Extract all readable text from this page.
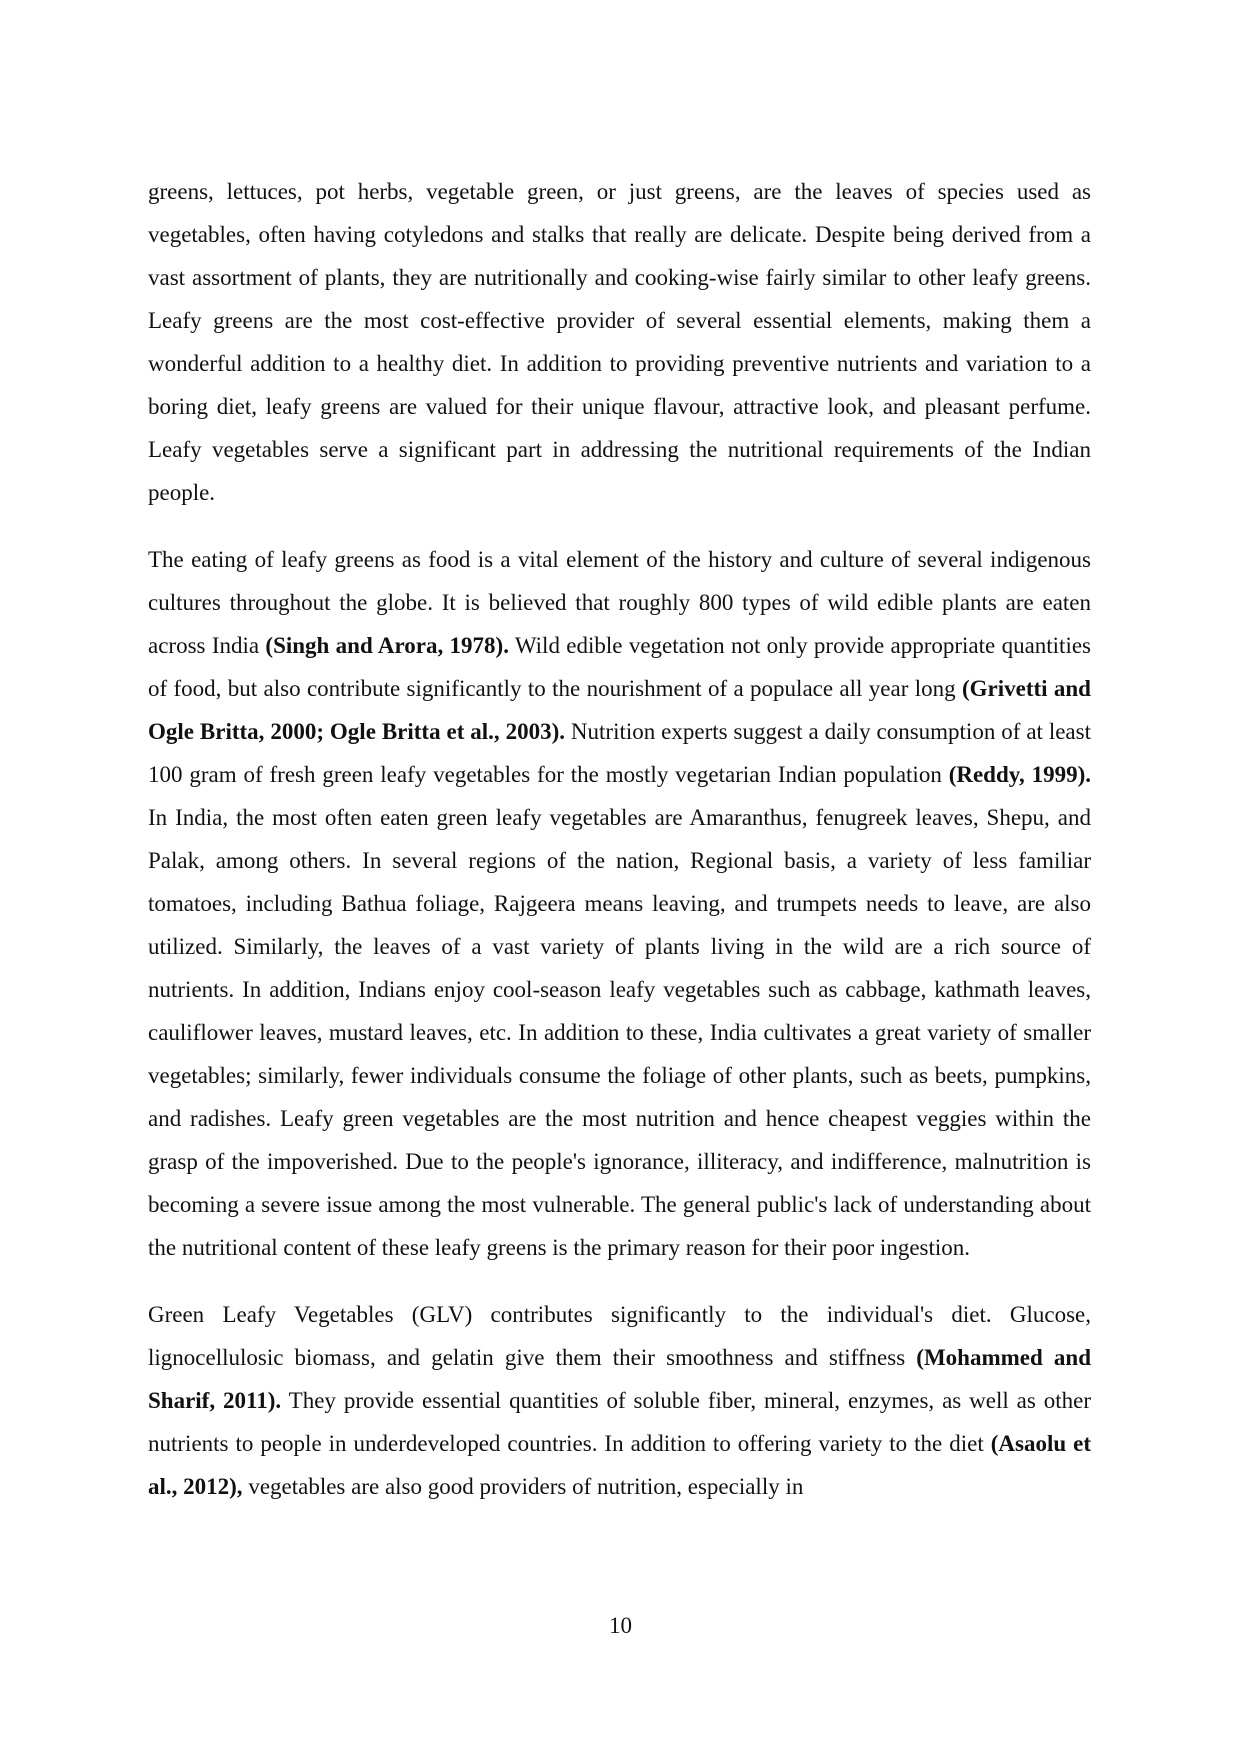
greens, lettuces, pot herbs, vegetable green, or just greens, are the leaves of species used as vegetables, often having cotyledons and stalks that really are delicate. Despite being derived from a vast assortment of plants, they are nutritionally and cooking-wise fairly similar to other leafy greens. Leafy greens are the most cost-effective provider of several essential elements, making them a wonderful addition to a healthy diet. In addition to providing preventive nutrients and variation to a boring diet, leafy greens are valued for their unique flavour, attractive look, and pleasant perfume. Leafy vegetables serve a significant part in addressing the nutritional requirements of the Indian people.

The eating of leafy greens as food is a vital element of the history and culture of several indigenous cultures throughout the globe. It is believed that roughly 800 types of wild edible plants are eaten across India (Singh and Arora, 1978). Wild edible vegetation not only provide appropriate quantities of food, but also contribute significantly to the nourishment of a populace all year long (Grivetti and Ogle Britta, 2000; Ogle Britta et al., 2003). Nutrition experts suggest a daily consumption of at least 100 gram of fresh green leafy vegetables for the mostly vegetarian Indian population (Reddy, 1999). In India, the most often eaten green leafy vegetables are Amaranthus, fenugreek leaves, Shepu, and Palak, among others. In several regions of the nation, Regional basis, a variety of less familiar tomatoes, including Bathua foliage, Rajgeera means leaving, and trumpets needs to leave, are also utilized. Similarly, the leaves of a vast variety of plants living in the wild are a rich source of nutrients. In addition, Indians enjoy cool-season leafy vegetables such as cabbage, kathmath leaves, cauliflower leaves, mustard leaves, etc. In addition to these, India cultivates a great variety of smaller vegetables; similarly, fewer individuals consume the foliage of other plants, such as beets, pumpkins, and radishes. Leafy green vegetables are the most nutrition and hence cheapest veggies within the grasp of the impoverished. Due to the people's ignorance, illiteracy, and indifference, malnutrition is becoming a severe issue among the most vulnerable. The general public's lack of understanding about the nutritional content of these leafy greens is the primary reason for their poor ingestion.

Green Leafy Vegetables (GLV) contributes significantly to the individual's diet. Glucose, lignocellulosic biomass, and gelatin give them their smoothness and stiffness (Mohammed and Sharif, 2011). They provide essential quantities of soluble fiber, mineral, enzymes, as well as other nutrients to people in underdeveloped countries. In addition to offering variety to the diet (Asaolu et al., 2012), vegetables are also good providers of nutrition, especially in

10
